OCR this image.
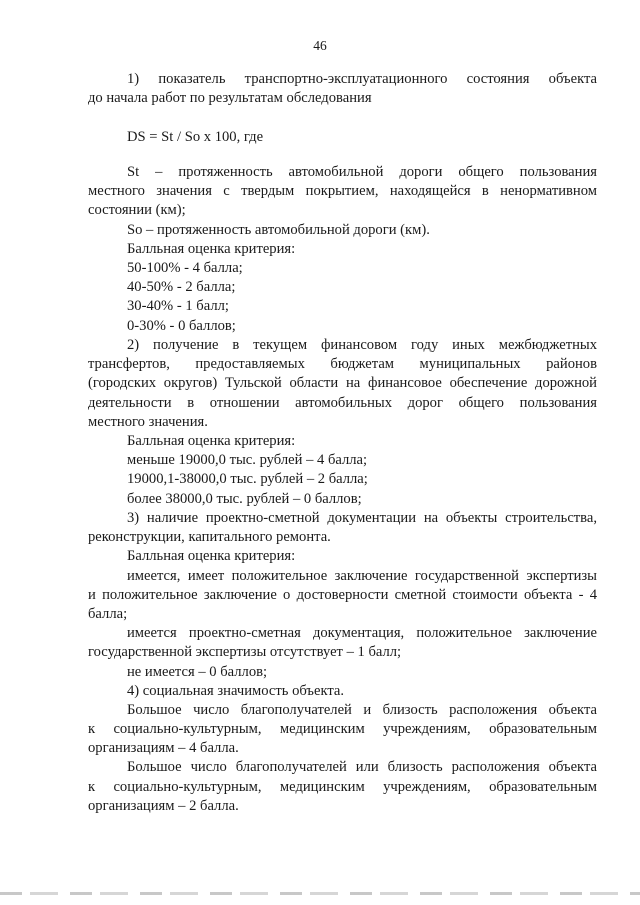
46
1) показатель транспортно-эксплуатационного состояния объекта
до начала работ по результатам обследования
DS = St / So x 100, где
St – протяженность автомобильной дороги общего пользования
местного значения с твердым покрытием, находящейся в ненормативном
состоянии (км);
So – протяженность автомобильной дороги (км).
Балльная оценка критерия:
50-100% - 4 балла;
40-50% - 2 балла;
30-40% - 1 балл;
0-30% - 0 баллов;
2) получение в текущем финансовом году иных межбюджетных
трансфертов, предоставляемых бюджетам муниципальных районов
(городских округов) Тульской области на финансовое обеспечение дорожной
деятельности в отношении автомобильных дорог общего пользования
местного значения.
Балльная оценка критерия:
меньше 19000,0 тыс. рублей – 4 балла;
19000,1-38000,0 тыс. рублей – 2 балла;
более 38000,0 тыс. рублей – 0 баллов;
3) наличие проектно-сметной документации на объекты строительства,
реконструкции, капитального ремонта.
Балльная оценка критерия:
имеется, имеет положительное заключение государственной экспертизы
и положительное заключение о достоверности сметной стоимости объекта - 4
балла;
имеется проектно-сметная документация, положительное заключение
государственной экспертизы отсутствует – 1 балл;
не имеется – 0 баллов;
4) социальная значимость объекта.
Большое число благополучателей и близость расположения объекта
к социально-культурным, медицинским учреждениям, образовательным
организациям – 4 балла.
Большое число благополучателей или близость расположения объекта
к социально-культурным, медицинским учреждениям, образовательным
организациям – 2 балла.
